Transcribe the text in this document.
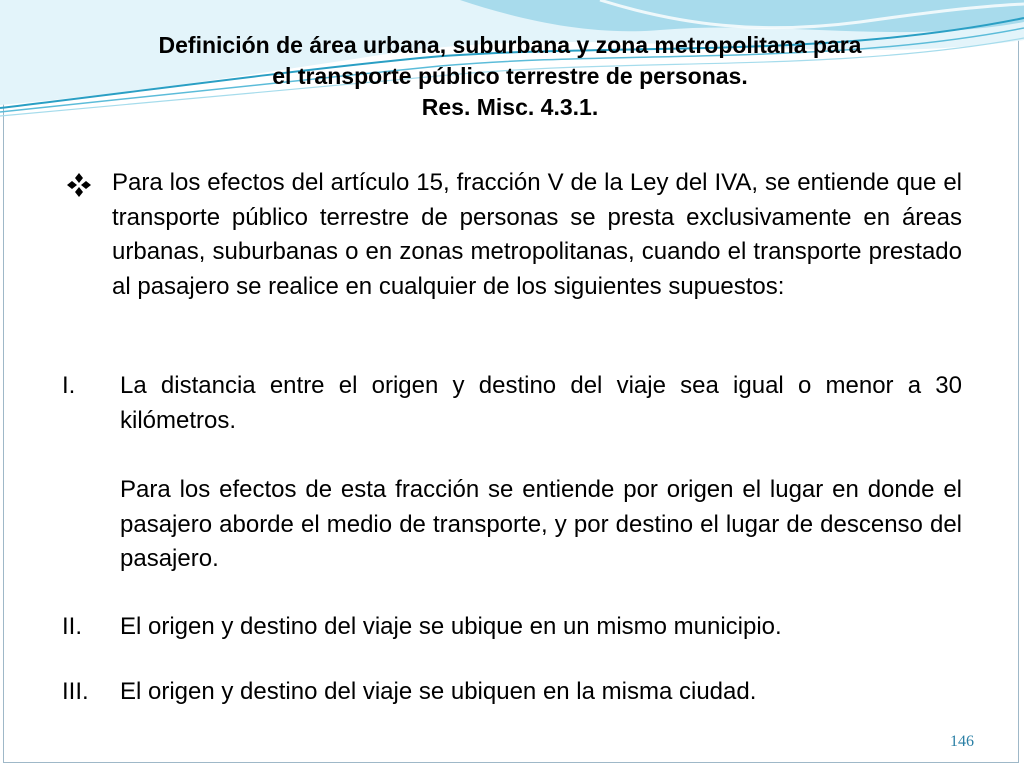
Definición de área urbana, suburbana y zona metropolitana para
el transporte público terrestre de personas.
Res. Misc. 4.3.1.
Para los efectos del artículo 15, fracción V de la Ley del IVA, se entiende que el transporte público terrestre de personas se presta exclusivamente en áreas urbanas, suburbanas o en zonas metropolitanas, cuando el transporte prestado al pasajero se realice en cualquier de los siguientes supuestos:
I. La distancia entre el origen y destino del viaje sea igual o menor a 30 kilómetros.
Para los efectos de esta fracción se entiende por origen el lugar en donde el pasajero aborde el medio de transporte, y por destino el lugar de descenso del pasajero.
II. El origen y destino del viaje se ubique en un mismo municipio.
III. El origen y destino del viaje se ubiquen en la misma ciudad.
146
